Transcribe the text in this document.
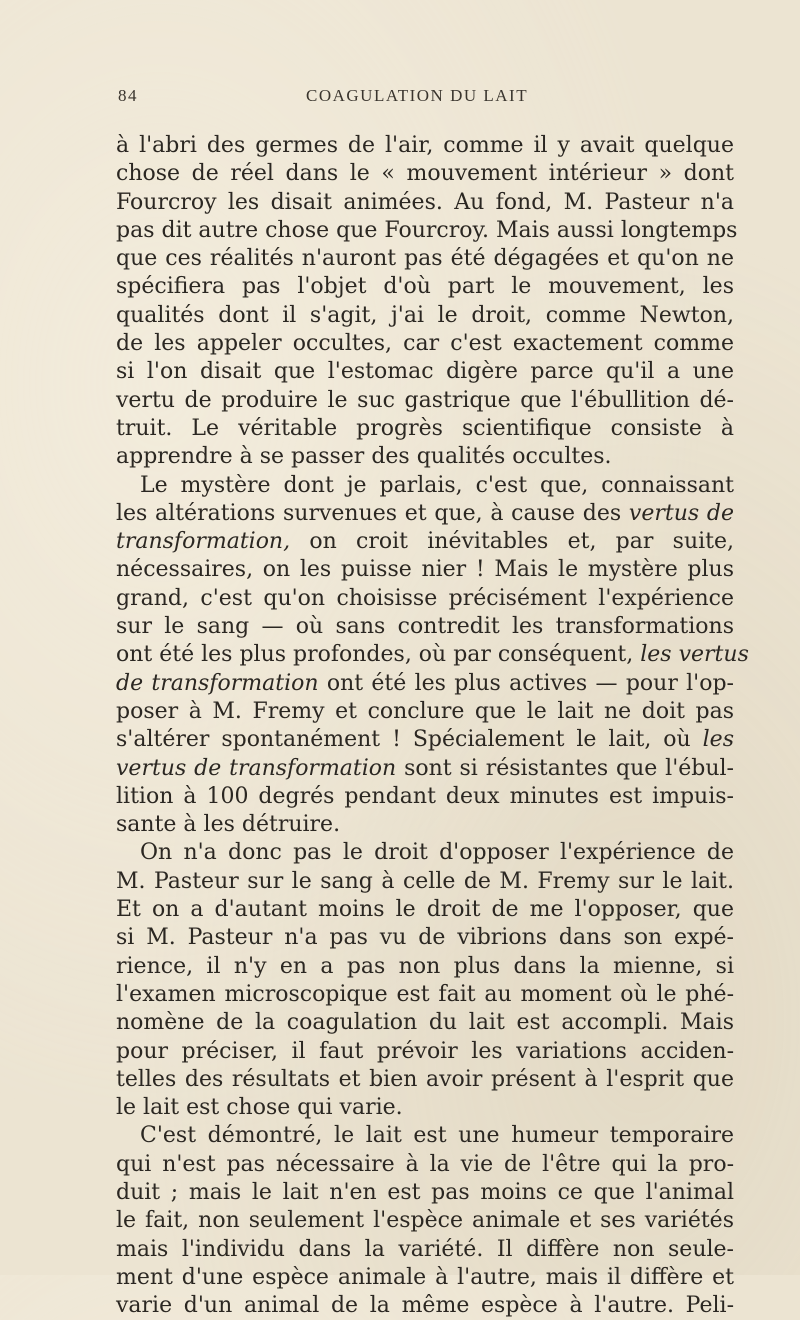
84	COAGULATION DU LAIT
à l'abri des germes de l'air, comme il y avait quelque
chose de réel dans le « mouvement intérieur » dont
Fourcroy les disait animées. Au fond, M. Pasteur n'a
pas dit autre chose que Fourcroy. Mais aussi longtemps
que ces réalités n'auront pas été dégagées et qu'on ne
spécifiera pas l'objet d'où part le mouvement, les
qualités dont il s'agit, j'ai le droit, comme Newton,
de les appeler occultes, car c'est exactement comme
si l'on disait que l'estomac digère parce qu'il a une
vertu de produire le suc gastrique que l'ébullition dé-
truit. Le véritable progrès scientifique consiste à
apprendre à se passer des qualités occultes.
Le mystère dont je parlais, c'est que, connaissant
les altérations survenues et que, à cause des vertus de
transformation, on croit inévitables et, par suite,
nécessaires, on les puisse nier ! Mais le mystère plus
grand, c'est qu'on choisisse précisément l'expérience
sur le sang — où sans contredit les transformations
ont été les plus profondes, où par conséquent, les vertus
de transformation ont été les plus actives — pour l'op-
poser à M. Fremy et conclure que le lait ne doit pas
s'altérer spontanément ! Spécialement le lait, où les
vertus de transformation sont si résistantes que l'ébul-
lition à 100 degrés pendant deux minutes est impuis-
sante à les détruire.
On n'a donc pas le droit d'opposer l'expérience de
M. Pasteur sur le sang à celle de M. Fremy sur le lait.
Et on a d'autant moins le droit de me l'opposer, que
si M. Pasteur n'a pas vu de vibrions dans son expé-
rience, il n'y en a pas non plus dans la mienne, si
l'examen microscopique est fait au moment où le phé-
nomène de la coagulation du lait est accompli. Mais
pour préciser, il faut prévoir les variations acciden-
telles des résultats et bien avoir présent à l'esprit que
le lait est chose qui varie.
C'est démontré, le lait est une humeur temporaire
qui n'est pas nécessaire à la vie de l'être qui la pro-
duit ; mais le lait n'en est pas moins ce que l'animal
le fait, non seulement l'espèce animale et ses variétés
mais l'individu dans la variété. Il diffère non seule-
ment d'une espèce animale à l'autre, mais il diffère et
varie d'un animal de la même espèce à l'autre. Peli-
